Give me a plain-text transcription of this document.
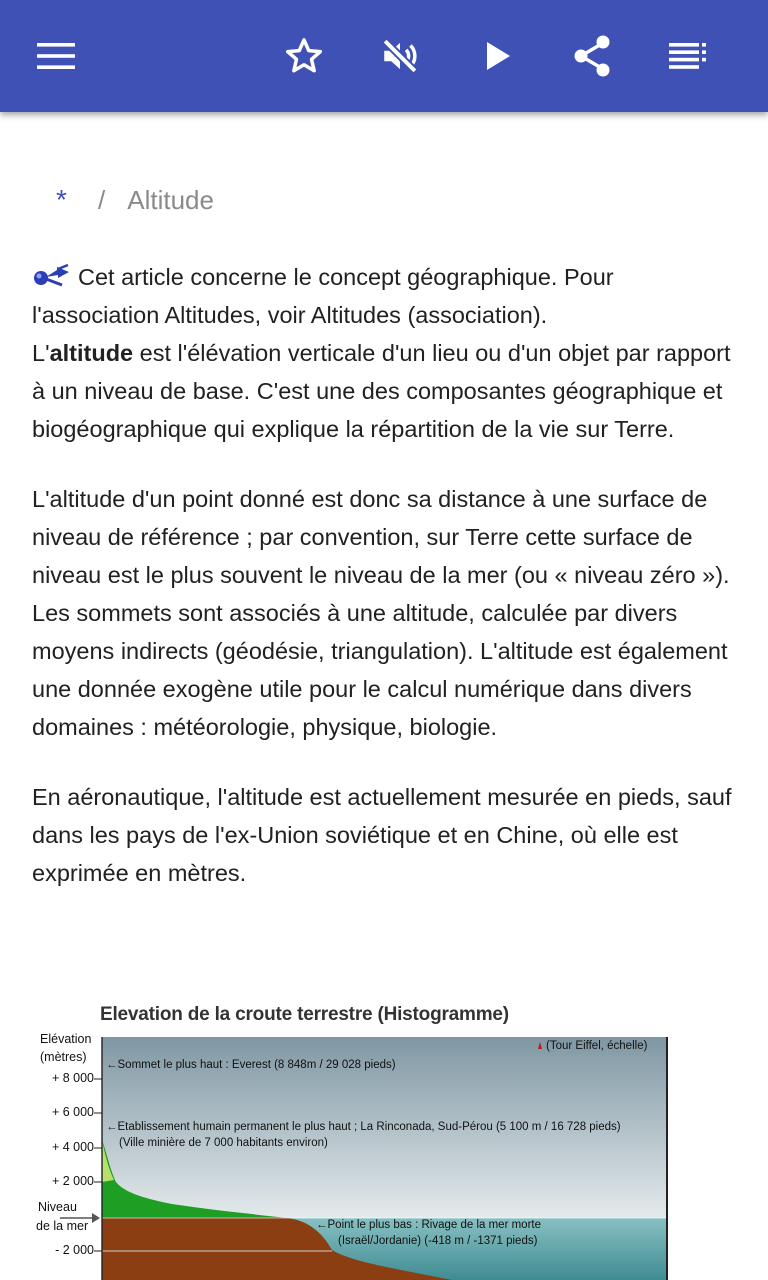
*	/ Altitude

Cet article concerne le concept géographique. Pour l'association Altitudes, voir Altitudes (association).
L'altitude est l'élévation verticale d'un lieu ou d'un objet par rapport à un niveau de base. C'est une des composantes géographique et biogéographique qui explique la répartition de la vie sur Terre.

L'altitude d'un point donné est donc sa distance à une surface de niveau de référence ; par convention, sur Terre cette surface de niveau est le plus souvent le niveau de la mer (ou « niveau zéro »). Les sommets sont associés à une altitude, calculée par divers moyens indirects (géodésie, triangulation). L'altitude est également une donnée exogène utile pour le calcul numérique dans divers domaines : météorologie, physique, biologie.

En aéronautique, l'altitude est actuellement mesurée en pieds, sauf dans les pays de l'ex-Union soviétique et en Chine, où elle est exprimée en mètres.

Elevation de la croute terrestre (Histogramme)
Elévation
(mètres)
+ 8 000
+ 6 000
+ 4 000
+ 2 000
- 2 000
Niveau
de la mer
(Tour Eiffel, échelle)
←Sommet le plus haut : Everest (8 848m / 29 028 pieds)
←Etablissement humain permanent le plus haut ; La Rinconada, Sud-Pérou (5 100 m / 16 728 pieds)
(Ville minière de 7 000 habitants environ)
←Point le plus bas : Rivage de la mer morte
(Israël/Jordanie) (-418 m / -1371 pieds)
